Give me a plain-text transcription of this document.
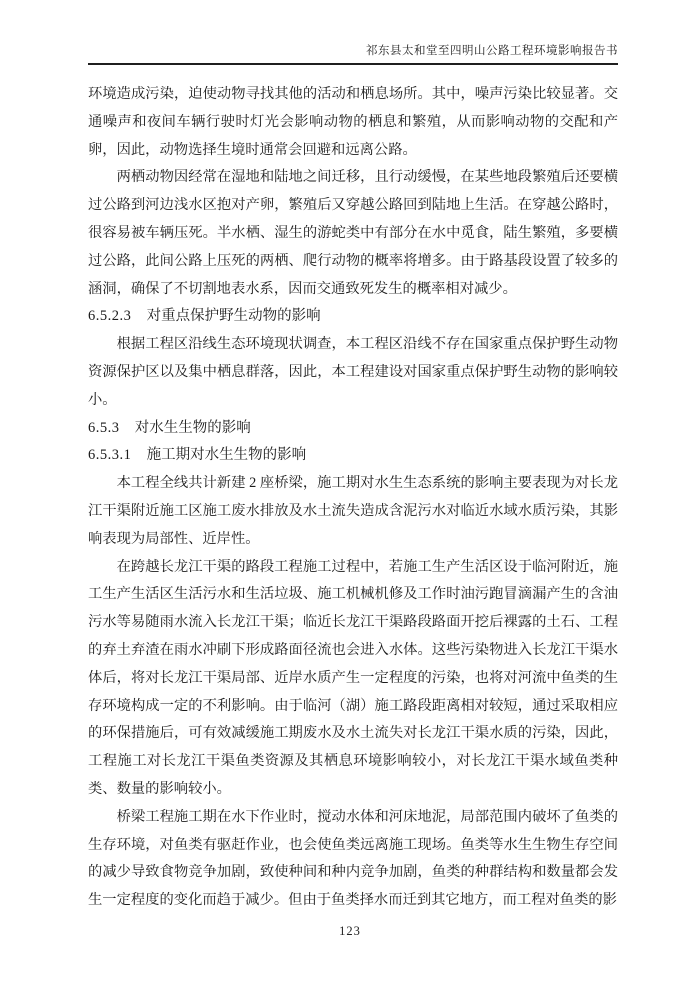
祁东县太和堂至四明山公路工程环境影响报告书

环境造成污染，迫使动物寻找其他的活动和栖息场所。其中，噪声污染比较显著。交通噪声和夜间车辆行驶时灯光会影响动物的栖息和繁殖，从而影响动物的交配和产卵，因此，动物选择生境时通常会回避和远离公路。

两栖动物因经常在湿地和陆地之间迁移，且行动缓慢，在某些地段繁殖后还要横过公路到河边浅水区抱对产卵，繁殖后又穿越公路回到陆地上生活。在穿越公路时，很容易被车辆压死。半水栖、湿生的游蛇类中有部分在水中觅食，陆生繁殖，多要横过公路，此间公路上压死的两栖、爬行动物的概率将增多。由于路基段设置了较多的涵洞，确保了不切割地表水系，因而交通致死发生的概率相对减少。

6.5.2.3 对重点保护野生动物的影响

根据工程区沿线生态环境现状调查，本工程区沿线不存在国家重点保护野生动物资源保护区以及集中栖息群落，因此，本工程建设对国家重点保护野生动物的影响较小。

6.5.3 对水生生物的影响
6.5.3.1 施工期对水生生物的影响

本工程全线共计新建 2 座桥梁，施工期对水生生态系统的影响主要表现为对长龙江干渠附近施工区施工废水排放及水土流失造成含泥污水对临近水域水质污染，其影响表现为局部性、近岸性。

在跨越长龙江干渠的路段工程施工过程中，若施工生产生活区设于临河附近，施工生产生活区生活污水和生活垃圾、施工机械机修及工作时油污跑冒滴漏产生的含油污水等易随雨水流入长龙江干渠；临近长龙江干渠路段路面开挖后裸露的土石、工程的弃土弃渣在雨水冲刷下形成路面径流也会进入水体。这些污染物进入长龙江干渠水体后，将对长龙江干渠局部、近岸水质产生一定程度的污染，也将对河流中鱼类的生存环境构成一定的不利影响。由于临河（湖）施工路段距离相对较短，通过采取相应的环保措施后，可有效减缓施工期废水及水土流失对长龙江干渠水质的污染，因此，工程施工对长龙江干渠鱼类资源及其栖息环境影响较小，对长龙江干渠水域鱼类种类、数量的影响较小。

桥梁工程施工期在水下作业时，搅动水体和河床地泥，局部范围内破坏了鱼类的生存环境，对鱼类有驱赶作业，也会使鱼类远离施工现场。鱼类等水生生物生存空间的减少导致食物竞争加剧，致使种间和种内竞争加剧，鱼类的种群结构和数量都会发生一定程度的变化而趋于减少。但由于鱼类择水而迁到其它地方，而工程对鱼类的影

123
